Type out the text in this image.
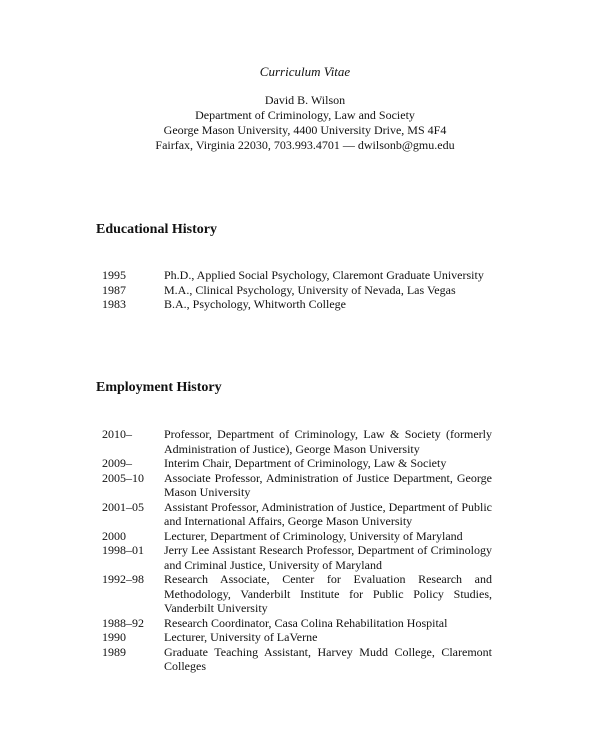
Curriculum Vitae
David B. Wilson
Department of Criminology, Law and Society
George Mason University, 4400 University Drive, MS 4F4
Fairfax, Virginia 22030, 703.993.4701 — dwilsonb@gmu.edu
Educational History
1995	Ph.D., Applied Social Psychology, Claremont Graduate University
1987	M.A., Clinical Psychology, University of Nevada, Las Vegas
1983	B.A., Psychology, Whitworth College
Employment History
2010–	Professor, Department of Criminology, Law & Society (formerly Administration of Justice), George Mason University
2009–	Interim Chair, Department of Criminology, Law & Society
2005–10	Associate Professor, Administration of Justice Department, George Mason University
2001–05	Assistant Professor, Administration of Justice, Department of Public and International Affairs, George Mason University
2000	Lecturer, Department of Criminology, University of Maryland
1998–01	Jerry Lee Assistant Research Professor, Department of Criminology and Criminal Justice, University of Maryland
1992–98	Research Associate, Center for Evaluation Research and Methodology, Vanderbilt Institute for Public Policy Studies, Vanderbilt University
1988–92	Research Coordinator, Casa Colina Rehabilitation Hospital
1990	Lecturer, University of LaVerne
1989	Graduate Teaching Assistant, Harvey Mudd College, Claremont Colleges
